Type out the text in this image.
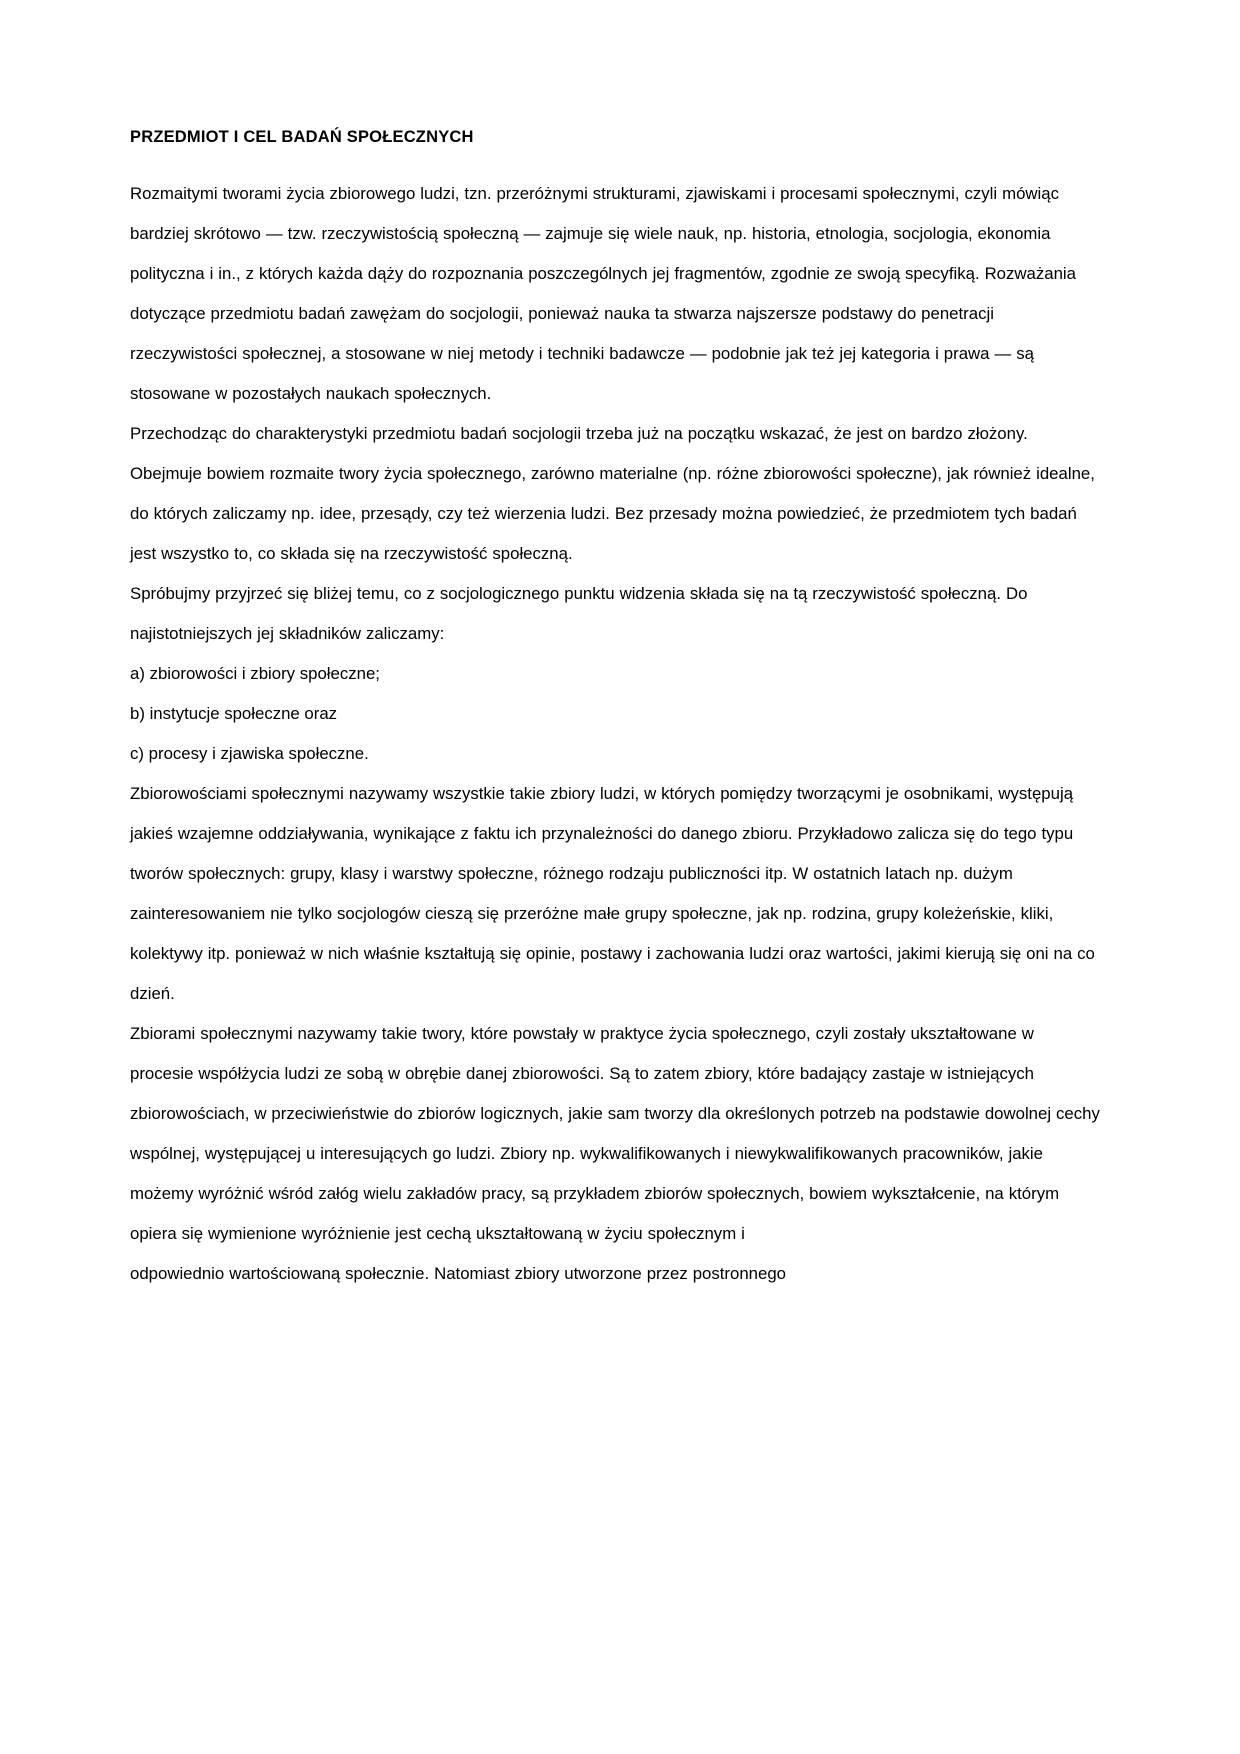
PRZEDMIOT I CEL BADAŃ SPOŁECZNYCH

Rozmaitymi tworami życia zbiorowego ludzi, tzn. przeróżnymi strukturami, zjawiskami i procesami społecznymi, czyli mówiąc bardziej skrótowo — tzw. rzeczywistością społeczną — zajmuje się wiele nauk, np. historia, etnologia, socjologia, ekonomia polityczna i in., z których każda dąży do rozpoznania poszczególnych jej fragmentów, zgodnie ze swoją specyfiką. Rozważania dotyczące przedmiotu badań zawężam do socjologii, ponieważ nauka ta stwarza najszersze podstawy do penetracji rzeczywistości społecznej, a stosowane w niej metody i techniki badawcze — podobnie jak też jej kategoria i prawa — są stosowane w pozostałych naukach społecznych.

Przechodząc do charakterystyki przedmiotu badań socjologii trzeba już na początku wskazać, że jest on bardzo złożony. Obejmuje bowiem rozmaite twory życia społecznego, zarówno materialne (np. różne zbiorowości społeczne), jak również idealne, do których zaliczamy np. idee, przesądy, czy też wierzenia ludzi. Bez przesady można powiedzieć, że przedmiotem tych badań jest wszystko to, co składa się na rzeczywistość społeczną.

Spróbujmy przyjrzeć się bliżej temu, co z socjologicznego punktu widzenia składa się na tą rzeczywistość społeczną. Do najistotniejszych jej składników zaliczamy:

a) zbiorowości i zbiory społeczne;
b) instytucje społeczne oraz
c) procesy i zjawiska społeczne.

Zbiorowościami społecznymi nazywamy wszystkie takie zbiory ludzi, w których pomiędzy tworzącymi je osobnikami, występują jakieś wzajemne oddziaływania, wynikające z faktu ich przynależności do danego zbioru. Przykładowo zalicza się do tego typu tworów społecznych: grupy, klasy i warstwy społeczne, różnego rodzaju publiczności itp. W ostatnich latach np. dużym zainteresowaniem nie tylko socjologów cieszą się przeróżne małe grupy społeczne, jak np. rodzina, grupy koleżeńskie, kliki, kolektywy itp. ponieważ w nich właśnie kształtują się opinie, postawy i zachowania ludzi oraz wartości, jakimi kierują się oni na co dzień.

Zbiorami społecznymi nazywamy takie twory, które powstały w praktyce życia społecznego, czyli zostały ukształtowane w procesie współżycia ludzi ze sobą w obrębie danej zbiorowości. Są to zatem zbiory, które badający zastaje w istniejących zbiorowościach, w przeciwieństwie do zbiorów logicznych, jakie sam tworzy dla określonych potrzeb na podstawie dowolnej cechy wspólnej, występującej u interesujących go ludzi. Zbiory np. wykwalifikowanych i niewykwalifikowanych pracowników, jakie możemy wyróżnić wśród załóg wielu zakładów pracy, są przykładem zbiorów społecznych, bowiem wykształcenie, na którym opiera się wymienione wyróżnienie jest cechą ukształtowaną w życiu społecznym i

odpowiednio wartościowaną społecznie. Natomiast zbiory utworzone przez postronnego
